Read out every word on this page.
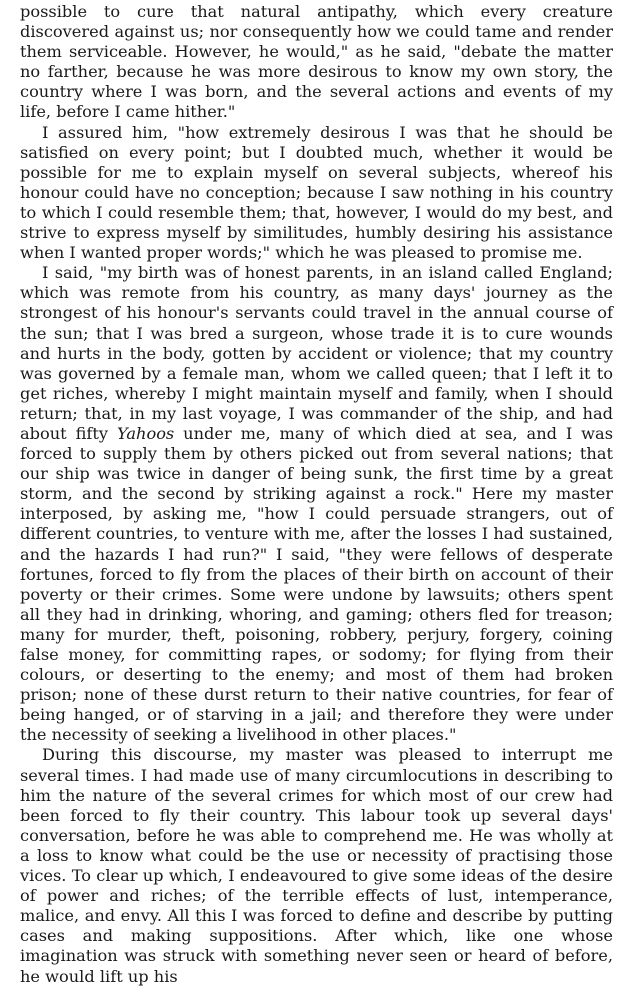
possible to cure that natural antipathy, which every creature discovered against us; nor consequently how we could tame and render them serviceable. However, he would," as he said, "debate the matter no farther, because he was more desirous to know my own story, the country where I was born, and the several actions and events of my life, before I came hither."

I assured him, "how extremely desirous I was that he should be satisfied on every point; but I doubted much, whether it would be possible for me to explain myself on several subjects, whereof his honour could have no conception; because I saw nothing in his country to which I could resemble them; that, however, I would do my best, and strive to express myself by similitudes, humbly desiring his assistance when I wanted proper words;" which he was pleased to promise me.

I said, "my birth was of honest parents, in an island called England; which was remote from his country, as many days' journey as the strongest of his honour's servants could travel in the annual course of the sun; that I was bred a surgeon, whose trade it is to cure wounds and hurts in the body, gotten by accident or violence; that my country was governed by a female man, whom we called queen; that I left it to get riches, whereby I might maintain myself and family, when I should return; that, in my last voyage, I was commander of the ship, and had about fifty Yahoos under me, many of which died at sea, and I was forced to supply them by others picked out from several nations; that our ship was twice in danger of being sunk, the first time by a great storm, and the second by striking against a rock." Here my master interposed, by asking me, "how I could persuade strangers, out of different countries, to venture with me, after the losses I had sustained, and the hazards I had run?" I said, "they were fellows of desperate fortunes, forced to fly from the places of their birth on account of their poverty or their crimes. Some were undone by lawsuits; others spent all they had in drinking, whoring, and gaming; others fled for treason; many for murder, theft, poisoning, robbery, perjury, forgery, coining false money, for committing rapes, or sodomy; for flying from their colours, or deserting to the enemy; and most of them had broken prison; none of these durst return to their native countries, for fear of being hanged, or of starving in a jail; and therefore they were under the necessity of seeking a livelihood in other places."

During this discourse, my master was pleased to interrupt me several times. I had made use of many circumlocutions in describing to him the nature of the several crimes for which most of our crew had been forced to fly their country. This labour took up several days' conversation, before he was able to comprehend me. He was wholly at a loss to know what could be the use or necessity of practising those vices. To clear up which, I endeavoured to give some ideas of the desire of power and riches; of the terrible effects of lust, intemperance, malice, and envy. All this I was forced to define and describe by putting cases and making suppositions. After which, like one whose imagination was struck with something never seen or heard of before, he would lift up his
